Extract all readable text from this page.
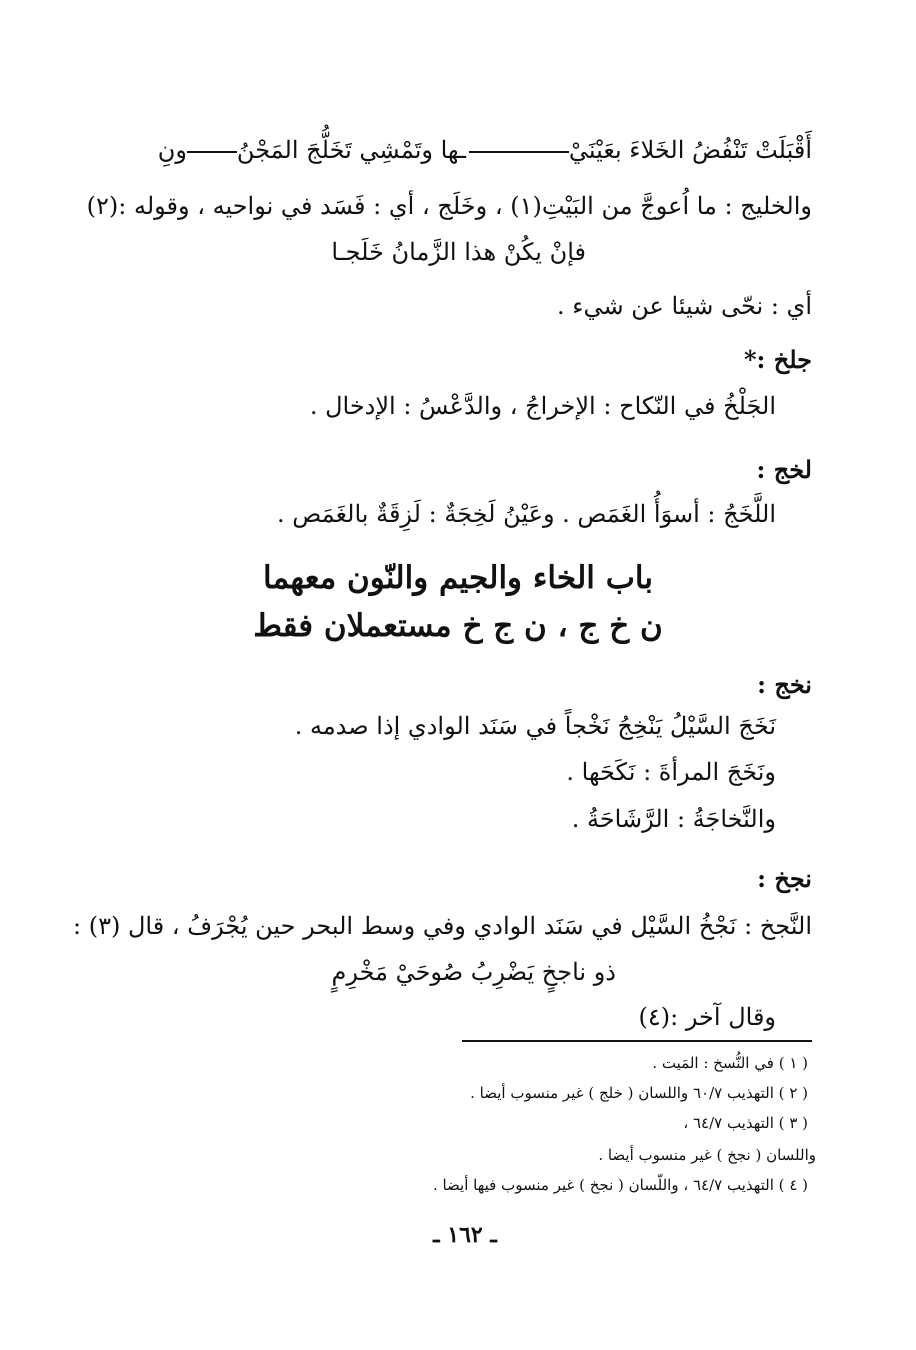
أَقْبَلَتْ تَنْفُضُ الخَلاءَ بعَيْنَيْ

ـها وتَمْشِي تَخَلُّجَ المَجْنُونِ

والخليج : ما اُعوجَّ من البَيْتِ(١) ، وخَلَج ، أي : فَسَد في نواحيه ، وقوله :(٢)

فإنْ يكُنْ هذا الزَّمانُ خَلَجـا

أي : نحّى شيئا عن شيء .

جلخ :*

الجَلْخُ في النّكاح : الإخراجُ ، والدَّعْسُ : الإدخال .

لخج :

اللَّخَجُ : أسوَأُ الغَمَص . وعَيْنُ لَخِجَةٌ : لَزِقَةٌ بالغَمَص .

باب الخاء والجيم والنّون معهما

ن خ ج ، ن ج خ مستعملان فقط

نخج :

نَخَجَ السَّيْلُ يَنْخِجُ نَخْجاً في سَنَد الوادي إذا صدمه .

ونَخَجَ المرأةَ : نَكَحَها .

والنَّخاجَةُ : الرَّشَاحَةُ .

نجخ :

النَّجخ : نَجْخُ السَّيْل في سَنَد الوادي وفي وسط البحر حين يُجْرَفُ ، قال (٣) :

ذو ناجخٍ يَضْرِبُ صُوحَيْ مَخْرِمٍ

وقال آخر :(٤)

( ١ ) في النُّسخ : المَيت .

( ٢ ) التهذيب ٦٠/٧ واللسان ( خلج ) غير منسوب أيضا .

( ٣ ) التهذيب ٦٤/٧ ،

واللسان ( نجخ ) غير منسوب أيضا .

( ٤ ) التهذيب ٦٤/٧ ، واللّسان ( نجخ ) غير منسوب فيها أيضا .

ـ ١٦٢ ـ
